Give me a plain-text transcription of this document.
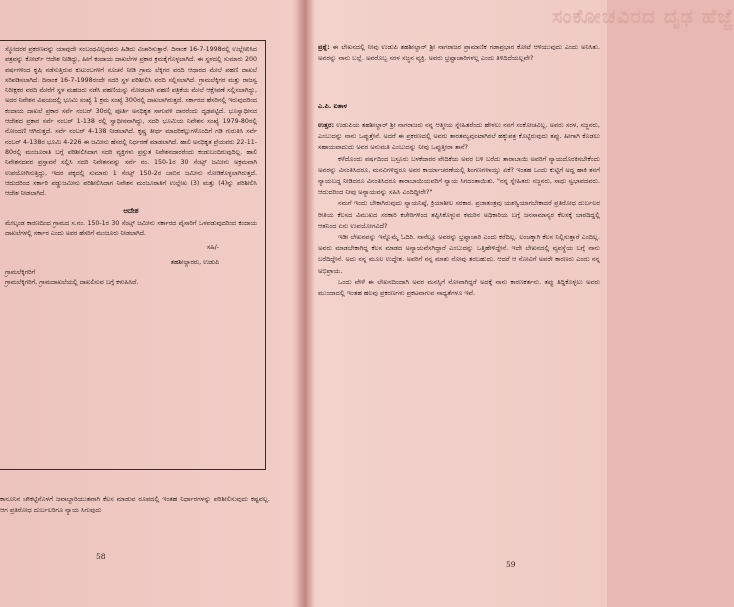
ಸ್ಮೋದರರ ಪ್ರಕರಣವನ್ನು ಯಾವುದೇ ಸಂಬಂಧವಿಲ್ಲದವರು ಹಿಡಿದು ವಿಚಾರಿಸುತ್ತಾರೆ. ದಿನಾಂಕ 16-7-1998ರಲ್ಲಿ ಉಲ್ಲೇಖಿಸಿದ ಪತ್ರವನ್ನು ಕೋರ್ಟ್ ಆದೇಶ ನೀಡಿದ್ದು, ಹೀಗೆ ಕಂದಾಯ ದಾಖಲೆಗಳ ಪ್ರಕಾರ ಕ್ರಮಕೈಗೊಳ್ಳಲಾಗಿದೆ. ಈ ಸ್ಥಳದಲ್ಲಿ ಸುಮಾರು 200 ವರ್ಷಗಳಿಂದ ಕೃಷಿ ನಡೆಸುತ್ತಿರುವ ಕುಟುಂಬಗಳಿಗೆ ಸೂಚನೆ ನೀಡಿ ಗ್ರಾಮ ಲೆಕ್ಕಿಗರ ವರದಿ ಆಧಾರದ ಮೇಲೆ ಪಹಣಿ ದಾಖಲೆ ಸರಿಪಡಿಸಲಾಗಿದೆ. ದಿನಾಂಕ 16-7-1998ರಂದೇ ಸದರಿ ಸ್ಥಳ ಪರಿಶೀಲಿಸಿ ವರದಿ ಸಲ್ಲಿಸಲಾಗಿದೆ. ಗ್ರಾಮಲೆಕ್ಕಿಗರ ಮತ್ತು ರಾಜಸ್ವ ನಿರೀಕ್ಷಕರ ವರದಿ ಮೇರೆಗೆ ಸ್ಥಳ ಮಹಜರು ನಡೆಸಿ ಪಹಣಿಯನ್ನು ನೋಡಲಾಗಿ ಪಹಣಿ ಪತ್ರಿಕೆಯ ಮೇಲೆ ಆಕ್ಷೇಪಣೆ ಸಲ್ಲಿಸಲಾಗಿದ್ದು, ಅದರ ನಿವೇಶನ ವಿಷಯದಲ್ಲಿ ಭೂಮಿ ಸಂಖ್ಯೆ 1 ಕ್ರಮ ಸಂಖ್ಯೆ 300ರಲ್ಲಿ ದಾಖಲಾಗಿರುತ್ತದೆ. ಸರ್ಕಾರದ ಹೆಸರಿನಲ್ಲಿ ಇರುವುದರಿಂದ ಕಂದಾಯ ದಾಖಲೆ ಪ್ರಕಾರ ಸರ್ವೆ ನಂಬರ್ 30ರಲ್ಲಿ ಪೂರ್ತಿ ಅನಧಿಕೃತ ಸಾಗುವಳಿ ದಾರರೆಂದು ದೃಢಪಟ್ಟಿದೆ. ಭೂಸ್ವಾಧೀನದ ಆದೇಶದ ಪ್ರಕಾರ ಸರ್ವೆ ನಂಬರ್ 1-138 ರಲ್ಲಿ ಸ್ವಾಧೀನವಾಗಿದ್ದು, ಸದರಿ ಭೂಮಿಯ ನಿವೇಶನ ಸಂಖ್ಯೆ 1979-80ರಲ್ಲಿ ನೋಂದಣಿ ಆಗಿರುತ್ತದೆ. ಸರ್ವೆ ನಂಬರ್ 4-138 ನೀಡಲಾಗಿದೆ. ಕೃಷ್ಣ ತೀರ್ಥ ಮಾದರಿಕಲ್ಲುಗಳೊಂದಿಗೆ ಗಡಿ ಗುರುತಿಸಿ ಸರ್ವೆ ನಂಬರ್ 4-138ರ ಭೂಮಿ 4-226 ಈ ಜಮೀನು ಹೆಸರಲ್ಲಿ ನಿರ್ಧರಣೆ ಮಾಡಲಾಗಿದೆ. ಹಾಲಿ ಅನಧಿಕೃತ ಪ್ರೆಯವರು 22-11-80ರಲ್ಲಿ ಮಂಜೂರಾತಿ ಬಗ್ಗೆ ಪರಿಶೀಲಿಸಿದಾಗ ಸದರಿ ವ್ಯಕ್ತಿಗಳು ಪ್ರಸ್ತುತ ನಿವೇಶನದಾರರೆಂದು ಕಂಡುಬಂದಿರುವುದಿಲ್ಲ. ಹಾಲಿ ನಿವೇಶನದವರ ಪ್ರಸ್ತಾವನೆ ಸಲ್ಲಿಸಿ ಸದರಿ ನಿವೇಶನವನ್ನು ಸರ್ವೆ ನಂ. 150-1ರ 30 ಸೆಂಟ್ಸ್ ಜಮೀನು ಅಕ್ರಮವಾಗಿ ಉಪಯೋಗಿಸುತ್ತಿದ್ದು, ಇದರ ಪಕ್ಕದಲ್ಲಿ ಸುಮಾರು 1 ಸೆಂಟ್ಸ್ 150-2ರ ಬಾಬಿನ ಜಮೀನು ನೋಡಿಕೊಳ್ಳಲಾಗಿರುತ್ತದೆ. ಆದುದರಿಂದ ಸರ್ಕಾರಿ ಪಡ್ಡುಜಮೀನು ಪರಿಶೀಲಿಸಿದಾಗ ನಿವೇಶನ ಮಂಜೂರಾತಿಗೆ ಉಲ್ಲೇಖ (3) ಮತ್ತು (4)ನ್ನು ಪರಿಶೀಲಿಸಿ ಆದೇಶ ನೀಡಲಾಗಿದೆ.

ಆದೇಶ

ಮೇಲ್ಕಂಡ ಕಾರಣದಿಂದ ಗ್ರಾಮದ ಸ.ನಂ. 150-1ರ 30 ಸೆಂಟ್ಸ್ ಜಮೀನು ಸರ್ಕಾರದ ಪೈಸಾರಿಗೆ ಒಳಪಡುವುದರಿಂದ ಕಂದಾಯ ದಾಖಲೆಗಳಲ್ಲಿ ಸರ್ಕಾರ ಎಂದು ಅವರ ಹೆಸರಿಗೆ ಮಂಜೂರು ನೀಡಲಾಗಿದೆ.

ಸಹಿ/-
ತಹಶೀಲ್ದಾರರು, ಉಡುಪಿ

ಗ್ರಾಮಲೆಕ್ಕಿಗರಿಗೆ

ಗ್ರಾಮಲೆಕ್ಕಿಗರಿಗೆ, ಗ್ರಾಮದಾಖಲೆಯಲ್ಲಿ ದಾಖಲಿಸುವ ಬಗ್ಗೆ ಕಳುಹಿಸಿದೆ.

ಕಾನೂನಿನ ಚೌಕಟ್ಟಿನೊಳಗೆ ಜವಾಬ್ದಾರಿಯುತವಾಗಿ ಕೆಲಸ ಮಾಡುವ ರೂಪದಲ್ಲಿ ಇಂತಹ ನಿರ್ಧಾರಗಳನ್ನು ಪರಿಶೀಲಿಸುವುದು ಕಷ್ಟವಲ್ಲ. ಆಗ ಪ್ರತಿರೋಧ ದುರ್ಬಲರಿಗೂ ನ್ಯಾಯ ಸಿಗುವುದು

58
ಸಂಕೋಚವಿರದ ದೃಢ ಹೆಜ್ಜೆ
ಪ್ರಶ್ನೆ: ಈ ಲೇಖನದಲ್ಲಿ ನೀವು ಉಡುಪಿ ತಹಶೀಲ್ದಾರ್ ಶ್ರೀ ನಾಗರಾಜರ ಪ್ರಾಮಾಣಿಕ ಗಡಾಪ್ರಭಾರ ಕೋಟೆ ಆಳಿಯುವುದು ಎಂದು ಅನಿಸಿತು. ಅವರನ್ನು ನಾನು ಬಲ್ಲೆ. ಅವರೊಬ್ಬ ಸರಳ ಸಜ್ಜನ ವ್ಯಕ್ತಿ. ಅವರು ಭ್ರಷ್ಟಾಚಾರಿಗಳಲ್ಲ ಎಂದು ತಿಳಿದಿದೆಯಲ್ಲವೇ?
ಎ.ಪಿ. ಐತಾಳ

ಉತ್ತರ: ಉಡುಪಿಯ ತಹಶೀಲ್ದಾರ್ ಶ್ರೀ ನಾಗರಾಜರು ನನ್ನ ಆತ್ಮೀಯ ಸ್ನೇಹಿತರೆಂದು ಹೇಳಲು ನನಗೆ ಸಂಕೋಚವಿಲ್ಲ. ಅವರು ಸರಳ, ಸಜ್ಜನರು, ಎಂಬುದನ್ನು ನಾನು ಒಪ್ಪುತ್ತೇನೆ. ಅದರೆ ಈ ಪ್ರಕರಣದಲ್ಲಿ ಅವರು ತಾರತಮ್ಯವುಂಟಾಗಿರಲೆ ಹಕ್ಕುಪತ್ರ ಕೊಟ್ಟಿರುವುದು ತಪ್ಪು. ಹೀಗಾಗಿ ಕೊಡಲು ಸಹಾಯವಾದುದು ಅವರ ಅನುಮತಿ ಎಂಬುದನ್ನು ನೀವು ಒಪ್ಪುತ್ತೀರಾ ತಾನೆ?

ಕಳೆದೊಂದು ವರ್ಷದಿಂದ ಬಸ್ರೂರು ಬಳಕೆದಾರರ ವೇದಿಕೆಯ ಅವರ ಬಳಿ ಬರೆದು ತಾರಾಬಾಯಿ ಅವರಿಗೆ ನ್ಯಾಯದೊರಕಿಸಬೇಕೆಂದು ಅವರನ್ನು ವಿನಂತಿಸಿದರೂ, ಮನವಿಗಳಿದ್ದರೂ ಅವರ ಕಾರ್ಯಾಚರಣೆಯಲ್ಲಿ ಶಿಂಗಣಗಳಾಯ್ತು ಏಕೆ? ಇಂತಹ ಒಂದು ಕುಟ್ಟಿಗೆ ಅದ್ದ ಹಾಕಿ ತನಗೆ ನ್ಯಾಯಬದ್ಧ ನೀಡಿದರೂ ವಿನಂತಿಸಿದರೂ ತಾರಾಬಾಯಿಯವರಿಗೆ ನ್ಯಾಯ ಸಿಗದಂತಾಯಿತು. "ನನ್ನ ಸ್ನೇಹಿತರು ಸಜ್ಜನರು, ಸಾಧು ಸ್ವಭಾವದವರು. ಆದುದರಿಂದ ನೀವು ಅನ್ಯಾಯವನ್ನು ಸಹಿಸಿ ಎಂದಿದ್ದೀರೇ?"

ನಮಗೆ ಇಂದು ಬೇಕಾಗಿರುವುದು ನ್ಯಾಯನಿಷ್ಠೆ, ಕ್ರಿಯಾಶೀಲ ಸರಕಾರ. ಪ್ರಜಾತಂತ್ರವು ಯಶಸ್ವಿಯಾಗಬೇಕಾದರೆ ಪ್ರತಿರೋಧ ದುರ್ಬಲರ ರೀತಿಯ ಕೆಲಸದ ವಿಮುಖದ ಸರಕಾರಿ ಕಚೇರಿಗಳಿಂದ ತಪ್ಪಿಸಿಕೊಳ್ಳುವ ಕಮರಿನ ಅಧಿಕಾರಿಯ ಬಗ್ಗೆ ಜನಸಾಮಾನ್ಯರ ಕೆಲಸಕ್ಕೆ ಬಾರದಿದ್ದಲ್ಲಿ ಆತನಿಂದ ಏನು ಉಪಯೋಗವಿದೆ?

ಇಡೀ ಲೇಖನವನ್ನು ಇನ್ನೊಮ್ಮೆ ಓದಿರಿ. ನಾನೆಲ್ಲೂ ಅವರನ್ನು ಭ್ರಷ್ಟಾಚಾರಿ ಎಂದು ಕರೆದಿಲ್ಲ. ಲಂಚಕ್ಕಾಗಿ ಕೆಲಸ ನಿಲ್ಲಿಸುತ್ತಾರೆ ಎಂದಿಲ್ಲ. ಅವರು ಮಾಡಬೇಕಾಗಿದ್ದ ಕೆಲಸ ಮಾಡದ ಅನ್ಯಾಯವೆಸಗಿದ್ದಾರೆ ಎಂಬುದನ್ನು ಒತ್ತಿಹೇಳಿದ್ದೇನೆ. ಇದೇ ಲೇಖನದಲ್ಲಿ ವ್ಯವಸ್ಥೆಯ ಬಗ್ಗೆ ನಾನು ಬರೆದಿದ್ದೇನೆ. ಅದು ನನ್ನ ಮೂಲ ಉದ್ದೇಶ. ಅವರಿಗೆ ನನ್ನ ಮಾತು ನೋವು ತರಬಹುದು. ಆದರೆ ಆ ನೋವಿಗೆ ಅವರೇ ಕಾರಣರು ಎಂದು ನನ್ನ ಅಭಿಪ್ರಾಯ.

ಒಂದು ವೇಳೆ ಈ ಲೇಖನದಿಂದಾಗಿ ಅವರ ಮನಸ್ಸಿಗೆ ನೋವಾಗಿದ್ದರೆ ಅದಕ್ಕೆ ನಾನು ಕಾರಣಕರ್ತನು. ತಪ್ಪು ತಿದ್ದಿಕೊಳ್ಳಲು ಅವರು ಮುಂದಾದಲ್ಲಿ ಇಂತಹ ಹಲವು ಪ್ರಕರಣಗಳು ಪ್ರಕಟವಾಗುವ ಸಾಧ್ಯತೆಗಳೂ ಇವೆ.

59
